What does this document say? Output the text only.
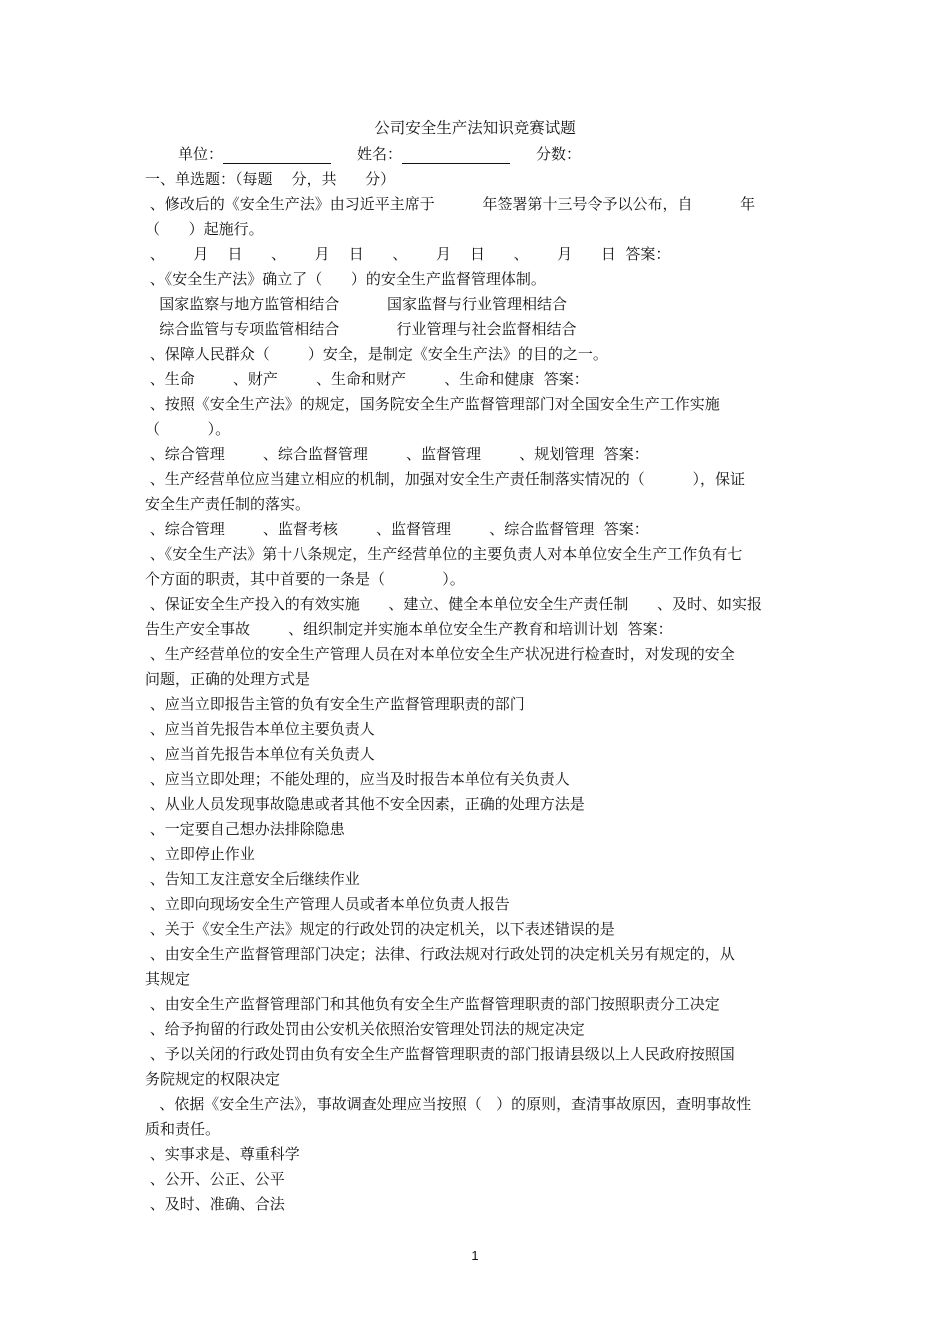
公司安全生产法知识竞赛试题
单位：	姓名：	分数：
一、单选题：（每题    分，共      分）
、修改后的《安全生产法》由习近平主席于          年签署第十三号令予以公布，自          年
（      ）起施行。
、      月    日      、      月    日      、      月    日      、      月      日  答案：
、《安全生产法》确立了（      ）的安全生产监督管理体制。
国家监察与地方监管相结合          国家监督与行业管理相结合
综合监管与专项监管相结合            行业管理与社会监督相结合
、保障人民群众（        ）安全，是制定《安全生产法》的目的之一。
、生命        、财产        、生命和财产        、生命和健康  答案：
、按照《安全生产法》的规定，国务院安全生产监督管理部门对全国安全生产工作实施
（          ）。
、综合管理        、综合监督管理        、监督管理        、规划管理  答案：
、生产经营单位应当建立相应的机制，加强对安全生产责任制落实情况的（          ），保证
安全生产责任制的落实。
、综合管理        、监督考核        、监督管理        、综合监督管理  答案：
、《安全生产法》第十八条规定，生产经营单位的主要负责人对本单位安全生产工作负有七
个方面的职责，其中首要的一条是（            ）。
、保证安全生产投入的有效实施      、建立、健全本单位安全生产责任制      、及时、如实报
告生产安全事故        、组织制定并实施本单位安全生产教育和培训计划  答案：
、生产经营单位的安全生产管理人员在对本单位安全生产状况进行检查时，对发现的安全
问题，正确的处理方式是
、应当立即报告主管的负有安全生产监督管理职责的部门
、应当首先报告本单位主要负责人
、应当首先报告本单位有关负责人
、应当立即处理；不能处理的，应当及时报告本单位有关负责人
、从业人员发现事故隐患或者其他不安全因素，正确的处理方法是
、一定要自己想办法排除隐患
、立即停止作业
、告知工友注意安全后继续作业
、立即向现场安全生产管理人员或者本单位负责人报告
、关于《安全生产法》规定的行政处罚的决定机关，以下表述错误的是
、由安全生产监督管理部门决定；法律、行政法规对行政处罚的决定机关另有规定的，从
其规定
、由安全生产监督管理部门和其他负有安全生产监督管理职责的部门按照职责分工决定
、给予拘留的行政处罚由公安机关依照治安管理处罚法的规定决定
、予以关闭的行政处罚由负有安全生产监督管理职责的部门报请县级以上人民政府按照国
务院规定的权限决定
、依据《安全生产法》，事故调查处理应当按照（   ）的原则，查清事故原因，查明事故性
质和责任。
、实事求是、尊重科学
、公开、公正、公平
、及时、准确、合法
1
